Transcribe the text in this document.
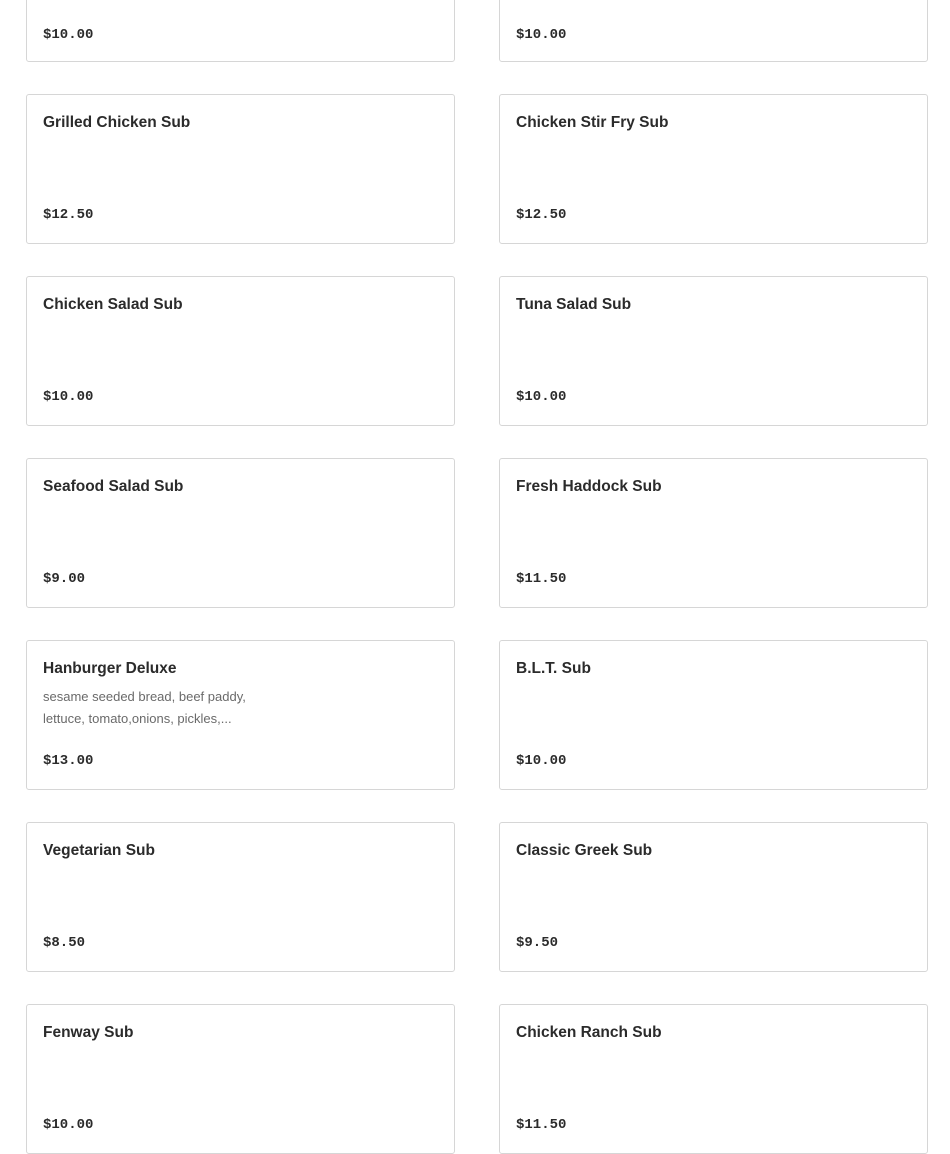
$10.00	$10.00
Grilled Chicken Sub
$12.50
Chicken Stir Fry Sub
$12.50
Chicken Salad Sub
$10.00
Tuna Salad Sub
$10.00
Seafood Salad Sub
$9.00
Fresh Haddock Sub
$11.50
Hanburger Deluxe
sesame seeded bread, beef paddy, lettuce, tomato,onions, pickles,...
$13.00
B.L.T. Sub
$10.00
Vegetarian Sub
$8.50
Classic Greek Sub
$9.50
Fenway Sub
$10.00
Chicken Ranch Sub
$11.50
